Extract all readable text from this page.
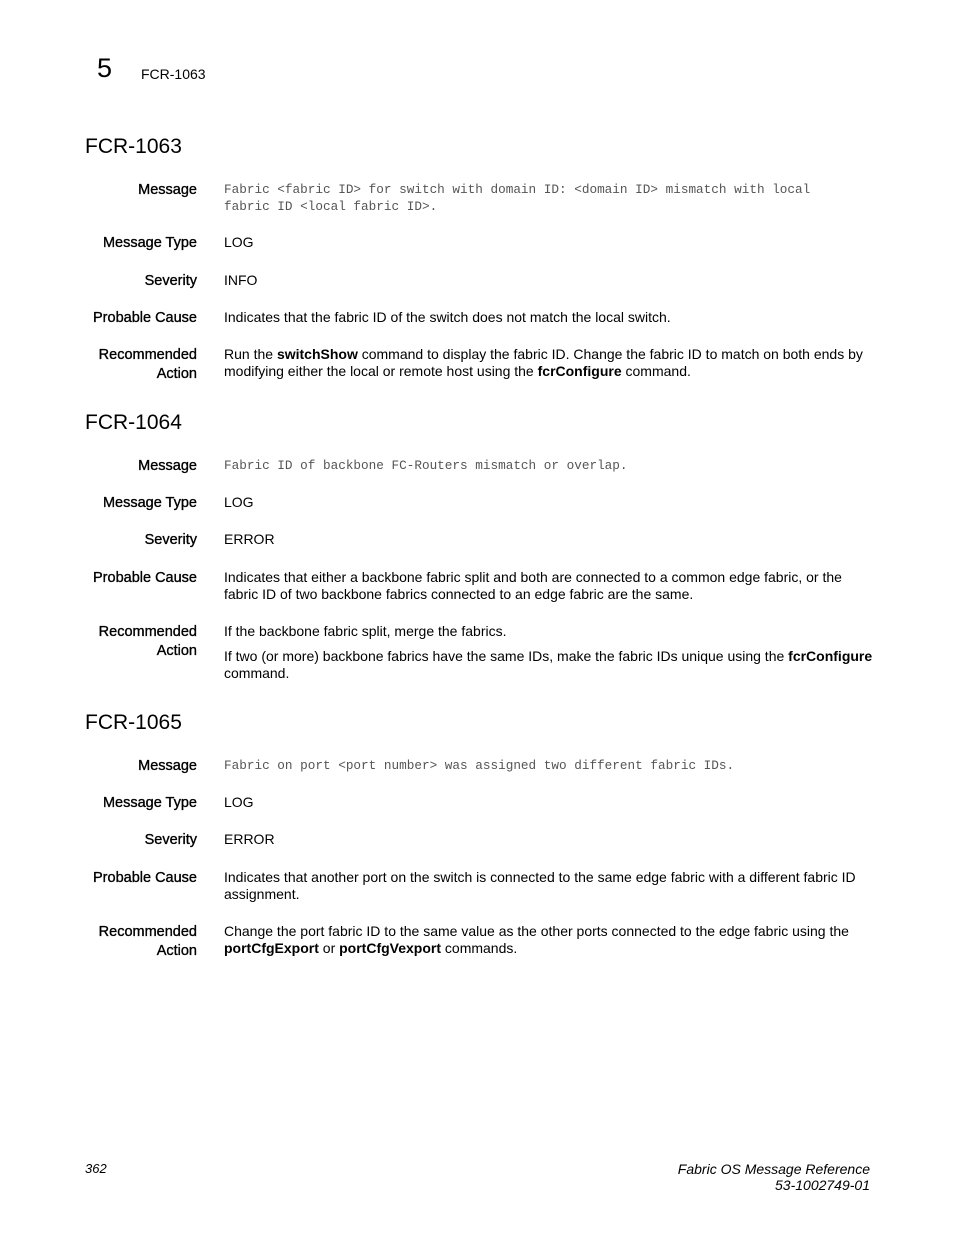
5 FCR-1063
FCR-1063
Message Fabric <fabric ID> for switch with domain ID: <domain ID> mismatch with local
fabric ID <local fabric ID>.
Message Type LOG
Severity INFO
Probable Cause Indicates that the fabric ID of the switch does not match the local switch.
Recommended
Action
Run the switchShow command to display the fabric ID. Change the fabric ID to match on both ends by modifying either the local or remote host using the fcrConfigure command.
FCR-1064
Message Fabric ID of backbone FC-Routers mismatch or overlap.
Message Type LOG
Severity ERROR
Probable Cause Indicates that either a backbone fabric split and both are connected to a common edge fabric, or the fabric ID of two backbone fabrics connected to an edge fabric are the same.
Recommended
Action

If the backbone fabric split, merge the fabrics.

If two (or more) backbone fabrics have the same IDs, make the fabric IDs unique using the fcrConfigure command.

FCR-1065
Message Fabric on port <port number> was assigned two different fabric IDs.
Message Type LOG
Severity ERROR
Probable Cause Indicates that another port on the switch is connected to the same edge fabric with a different fabric ID assignment.
Recommended
Action
Change the port fabric ID to the same value as the other ports connected to the edge fabric using the portCfgExport or portCfgVexport commands.
362	Fabric OS Message Reference
53-1002749-01
